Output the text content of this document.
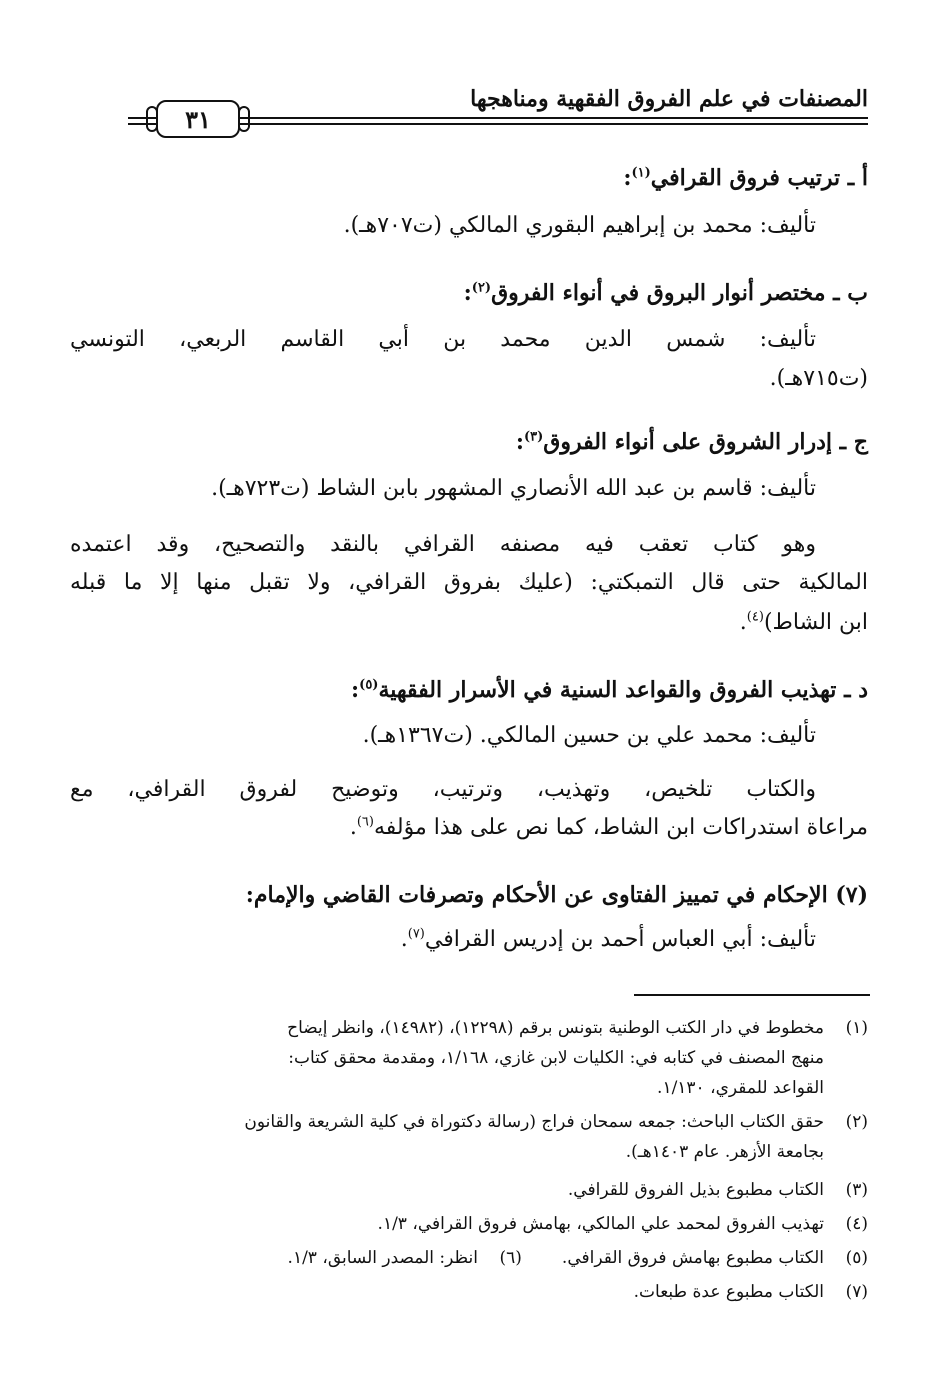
المصنفات في علم الفروق الفقهية ومناهجها
٣١
أ ـ ترتيب فروق القرافي$^{(١)}$:
تأليف: محمد بن إبراهيم البقوري المالكي (ت٧٠٧هـ).
ب ـ مختصر أنوار البروق في أنواء الفروق$^{(٢)}$:
تأليف: شمس الدين محمد بن أبي القاسم الربعي، التونسي
(ت٧١٥هـ).
ج ـ إدرار الشروق على أنواء الفروق$^{(٣)}$:
تأليف: قاسم بن عبد الله الأنصاري المشهور بابن الشاط (ت٧٢٣هـ).
وهو كتاب تعقب فيه مصنفه القرافي بالنقد والتصحيح، وقد اعتمده
المالكية حتى قال التمبكتي: (عليك بفروق القرافي، ولا تقبل منها إلا ما قبله
ابن الشاط)$^{(٤)}$.
د ـ تهذيب الفروق والقواعد السنية في الأسرار الفقهية$^{(٥)}$:
تأليف: محمد علي بن حسين المالكي. (ت١٣٦٧هـ).
والكتاب تلخيص، وتهذيب، وترتيب، وتوضيح لفروق القرافي، مع
مراعاة استدراكات ابن الشاط، كما نص على هذا مؤلفه$^{(٦)}$.
(٧) الإحكام في تمييز الفتاوى عن الأحكام وتصرفات القاضي والإمام:
تأليف: أبي العباس أحمد بن إدريس القرافي$^{(٧)}$.
(١)مخطوط في دار الكتب الوطنية بتونس برقم (١٢٢٩٨)، (١٤٩٨٢)، وانظر إيضاح
منهج المصنف في كتابه في: الكليات لابن غازي، ١/١٦٨، ومقدمة محقق كتاب:
القواعد للمقري، ١/١٣٠.
(٢)حقق الكتاب الباحث: جمعه سمحان فراج (رسالة دكتوراة في كلية الشريعة والقانون
بجامعة الأزهر. عام ١٤٠٣هـ).
(٣)الكتاب مطبوع بذيل الفروق للقرافي.
(٤)تهذيب الفروق لمحمد علي المالكي، بهامش فروق القرافي، ١/٣.
(٥)الكتاب مطبوع بهامش فروق القرافي.(٦)انظر: المصدر السابق، ١/٣.
(٧)الكتاب مطبوع عدة طبعات.
